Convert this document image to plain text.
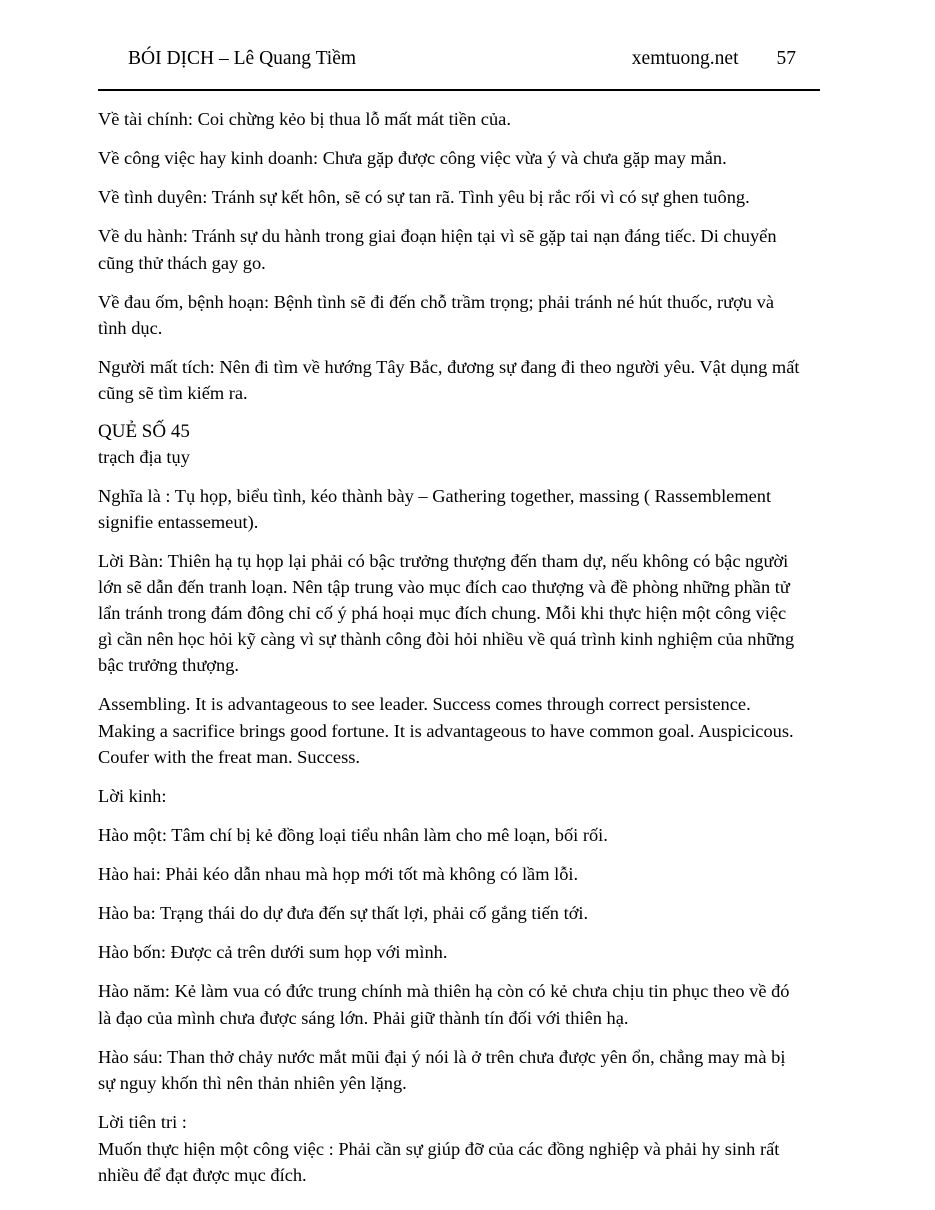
BÓI DỊCH – Lê Quang Tiềm	xemtuong.net 57

Về tài chính: Coi chừng kẻo bị thua lỗ mất mát tiền của.

Về công việc hay kinh doanh: Chưa gặp được công việc vừa ý và chưa gặp may mắn.

Về tình duyên: Tránh sự kết hôn, sẽ có sự tan rã. Tình yêu bị rắc rối vì có sự ghen tuông.

Về du hành: Tránh sự du hành trong giai đoạn hiện tại vì sẽ gặp tai nạn đáng tiếc. Di chuyển cũng thử thách gay go.

Về đau ốm, bệnh hoạn: Bệnh tình sẽ đi đến chỗ trầm trọng; phải tránh né hút thuốc, rượu và tình dục.

Người mất tích: Nên đi tìm về hướng Tây Bắc, đương sự đang đi theo người yêu. Vật dụng mất cũng sẽ tìm kiếm ra.

QUẺ SỐ 45

trạch địa tụy

Nghĩa là : Tụ họp, biểu tình, kéo thành bày – Gathering together, massing ( Rassemblement signifie entassemeut).

Lời Bàn: Thiên hạ tụ họp lại phải có bậc trưởng thượng đến tham dự, nếu không có bậc người lớn sẽ dẫn đến tranh loạn. Nên tập trung vào mục đích cao thượng và đề phòng những phần tử lẩn tránh trong đám đông chỉ cố ý phá hoại mục đích chung. Mỗi khi thực hiện một công việc gì cần nên học hỏi kỹ càng vì sự thành công đòi hỏi nhiều về quá trình kinh nghiệm của những bậc trưởng thượng.

Assembling. It is advantageous to see leader. Success comes through correct persistence. Making a sacrifice brings good fortune. It is advantageous to have common goal. Auspicicous. Coufer with the freat man. Success.

Lời kinh:

Hào một: Tâm chí bị kẻ đồng loại tiểu nhân làm cho mê loạn, bối rối.

Hào hai: Phải kéo dẫn nhau mà họp mới tốt mà không có lầm lỗi.

Hào ba: Trạng thái do dự đưa đến sự thất lợi, phải cố gắng tiến tới.

Hào bốn: Được cả trên dưới sum họp với mình.

Hào năm: Kẻ làm vua có đức trung chính mà thiên hạ còn có kẻ chưa chịu tin phục theo về đó là đạo của mình chưa được sáng lớn. Phải giữ thành tín đối với thiên hạ.

Hào sáu: Than thở chảy nước mắt mũi đại ý nói là ở trên chưa được yên ổn, chẳng may mà bị sự nguy khốn thì nên thản nhiên yên lặng.

Lời tiên tri :

Muốn thực hiện một công việc : Phải cần sự giúp đỡ của các đồng nghiệp và phải hy sinh rất nhiều để đạt được mục đích.
